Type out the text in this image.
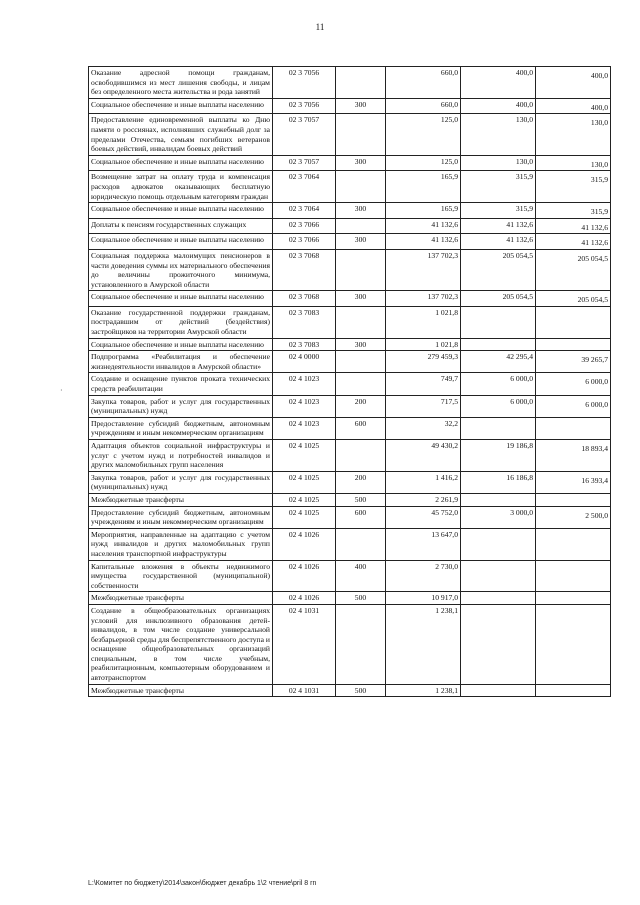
11
·
Оказание адресной помощи гражданам, освободившимся из мест лишения свободы, и лицам без определенного места жительства и рода занятий	02 3 7056		660,0	400,0	400,0
Социальное обеспечение и иные выплаты населению	02 3 7056	300	660,0	400,0	400,0
Предоставление единовременной выплаты ко Дню памяти о россиянах, исполнявших служебный долг за пределами Отечества, семьям погибших ветеранов боевых действий, инвалидам боевых действий	02 3 7057		125,0	130,0	130,0
Социальное обеспечение и иные выплаты населению	02 3 7057	300	125,0	130,0	130,0
Возмещение затрат на оплату труда и компенсация расходов адвокатов оказывающих бесплатную юридическую помощь отдельным категориям граждан	02 3 7064		165,9	315,9	315,9
Социальное обеспечение и иные выплаты населению	02 3 7064	300	165,9	315,9	315,9
Доплаты к пенсиям государственных служащих	02 3 7066		41 132,6	41 132,6	41 132,6
Социальное обеспечение и иные выплаты населению	02 3 7066	300	41 132,6	41 132,6	41 132,6
Социальная поддержка малоимущих пенсионеров в части доведения суммы их материального обеспечения до величины прожиточного минимума, установленного в Амурской области	02 3 7068		137 702,3	205 054,5	205 054,5
Социальное обеспечение и иные выплаты населению	02 3 7068	300	137 702,3	205 054,5	205 054,5
Оказание государственной поддержки гражданам, пострадавшим от действий (бездействия) застройщиков на территории Амурской области	02 3 7083		1 021,8		
Социальное обеспечение и иные выплаты населению	02 3 7083	300	1 021,8		
Подпрограмма «Реабилитация и обеспечение жизнедеятельности инвалидов в Амурской области»	02 4 0000		279 459,3	42 295,4	39 265,7
Создание и оснащение пунктов проката технических средств реабилитации	02 4 1023		749,7	6 000,0	6 000,0
Закупка товаров, работ и услуг для государственных (муниципальных) нужд	02 4 1023	200	717,5	6 000,0	6 000,0
Предоставление субсидий бюджетным, автономным учреждениям и иным некоммерческим организациям	02 4 1023	600	32,2		
Адаптация объектов социальной инфраструктуры и услуг с учетом нужд и потребностей инвалидов и других маломобильных групп населения	02 4 1025		49 430,2	19 186,8	18 893,4
Закупка товаров, работ и услуг для государственных (муниципальных) нужд	02 4 1025	200	1 416,2	16 186,8	16 393,4
Межбюджетные трансферты	02 4 1025	500	2 261,9		
Предоставление субсидий бюджетным, автономным учреждениям и иным некоммерческим организациям	02 4 1025	600	45 752,0	3 000,0	2 500,0
Мероприятия, направленные на адаптацию с учетом нужд инвалидов и других маломобильных групп населения транспортной инфраструктуры	02 4 1026		13 647,0		
Капитальные вложения в объекты недвижимого имущества государственной (муниципальной) собственности	02 4 1026	400	2 730,0		
Межбюджетные трансферты	02 4 1026	500	10 917,0		
Создание в общеобразовательных организациях условий для инклюзивного образования детей-инвалидов, в том числе создание универсальной безбарьерной среды для беспрепятственного доступа и оснащение общеобразовательных организаций специальным, в том числе учебным, реабилитационным, компьютерным оборудованием и автотранспортом	02 4 1031		1 238,1		
Межбюджетные трансферты	02 4 1031	500	1 238,1		
L:\Комитет по бюджету\2014\закон\бюджет декабрь 1\2 чтение\pril 8 rn
